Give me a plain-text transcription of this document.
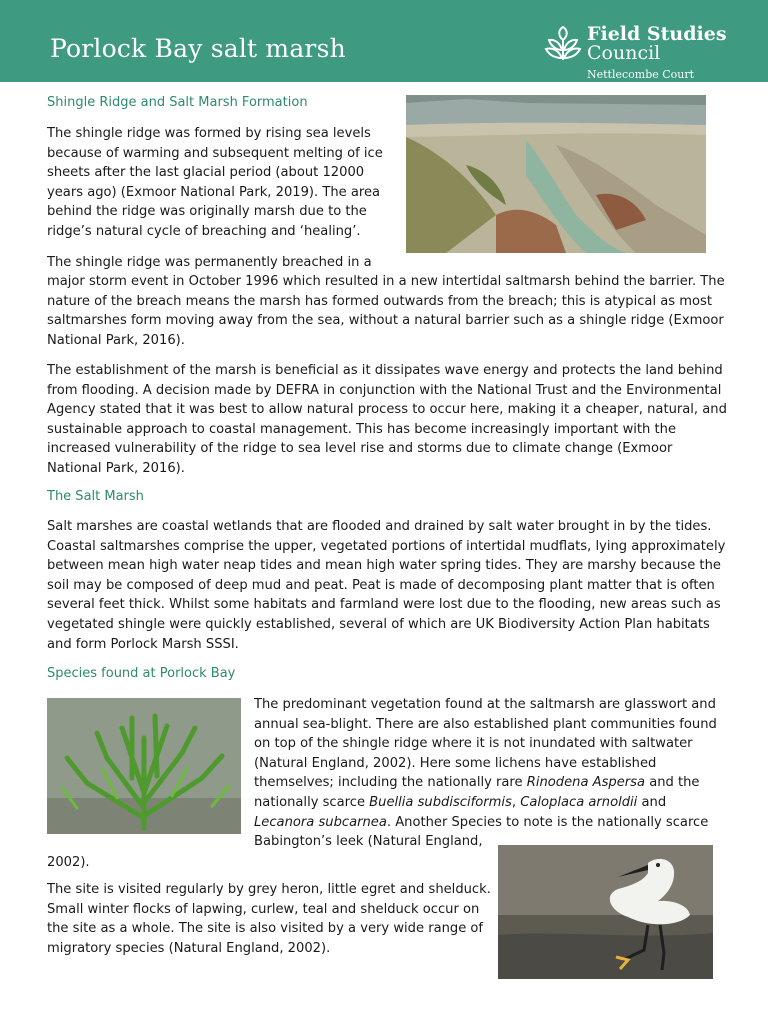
Porlock Bay salt marsh	Field Studies
Council
Nettlecombe Court
Shingle Ridge and Salt Marsh Formation

The shingle ridge was formed by rising sea levels because of warming and subsequent melting of ice sheets after the last glacial period (about 12000 years ago) (Exmoor National Park, 2019). The area behind the ridge was originally marsh due to the ridge’s natural cycle of breaching and ‘healing’.

The shingle ridge was permanently breached in a

major storm event in October 1996 which resulted in a new intertidal saltmarsh behind the barrier. The nature of the breach means the marsh has formed outwards from the breach; this is atypical as most saltmarshes form moving away from the sea, without a natural barrier such as a shingle ridge (Exmoor National Park, 2016).

The establishment of the marsh is beneficial as it dissipates wave energy and protects the land behind from flooding. A decision made by DEFRA in conjunction with the National Trust and the Environmental Agency stated that it was best to allow natural process to occur here, making it a cheaper, natural, and sustainable approach to coastal management. This has become increasingly important with the increased vulnerability of the ridge to sea level rise and storms due to climate change (Exmoor National Park, 2016).

The Salt Marsh

Salt marshes are coastal wetlands that are flooded and drained by salt water brought in by the tides. Coastal saltmarshes comprise the upper, vegetated portions of intertidal mudflats, lying approximately between mean high water neap tides and mean high water spring tides. They are marshy because the soil may be composed of deep mud and peat. Peat is made of decomposing plant matter that is often several feet thick. Whilst some habitats and farmland were lost due to the flooding, new areas such as vegetated shingle were quickly established, several of which are UK Biodiversity Action Plan habitats and form Porlock Marsh SSSI.

Species found at Porlock Bay

The predominant vegetation found at the saltmarsh are glasswort and annual sea-blight. There are also established plant communities found on top of the shingle ridge where it is not inundated with saltwater (Natural England, 2002). Here some lichens have established themselves; including the nationally rare Rinodena Aspersa and the nationally scarce Buellia subdisciformis, Caloplaca arnoldii and Lecanora subcarnea. Another Species to note is the nationally scarce Babington’s leek (Natural England,

2002).

The site is visited regularly by grey heron, little egret and shelduck. Small winter flocks of lapwing, curlew, teal and shelduck occur on the site as a whole. The site is also visited by a very wide range of migratory species (Natural England, 2002).
